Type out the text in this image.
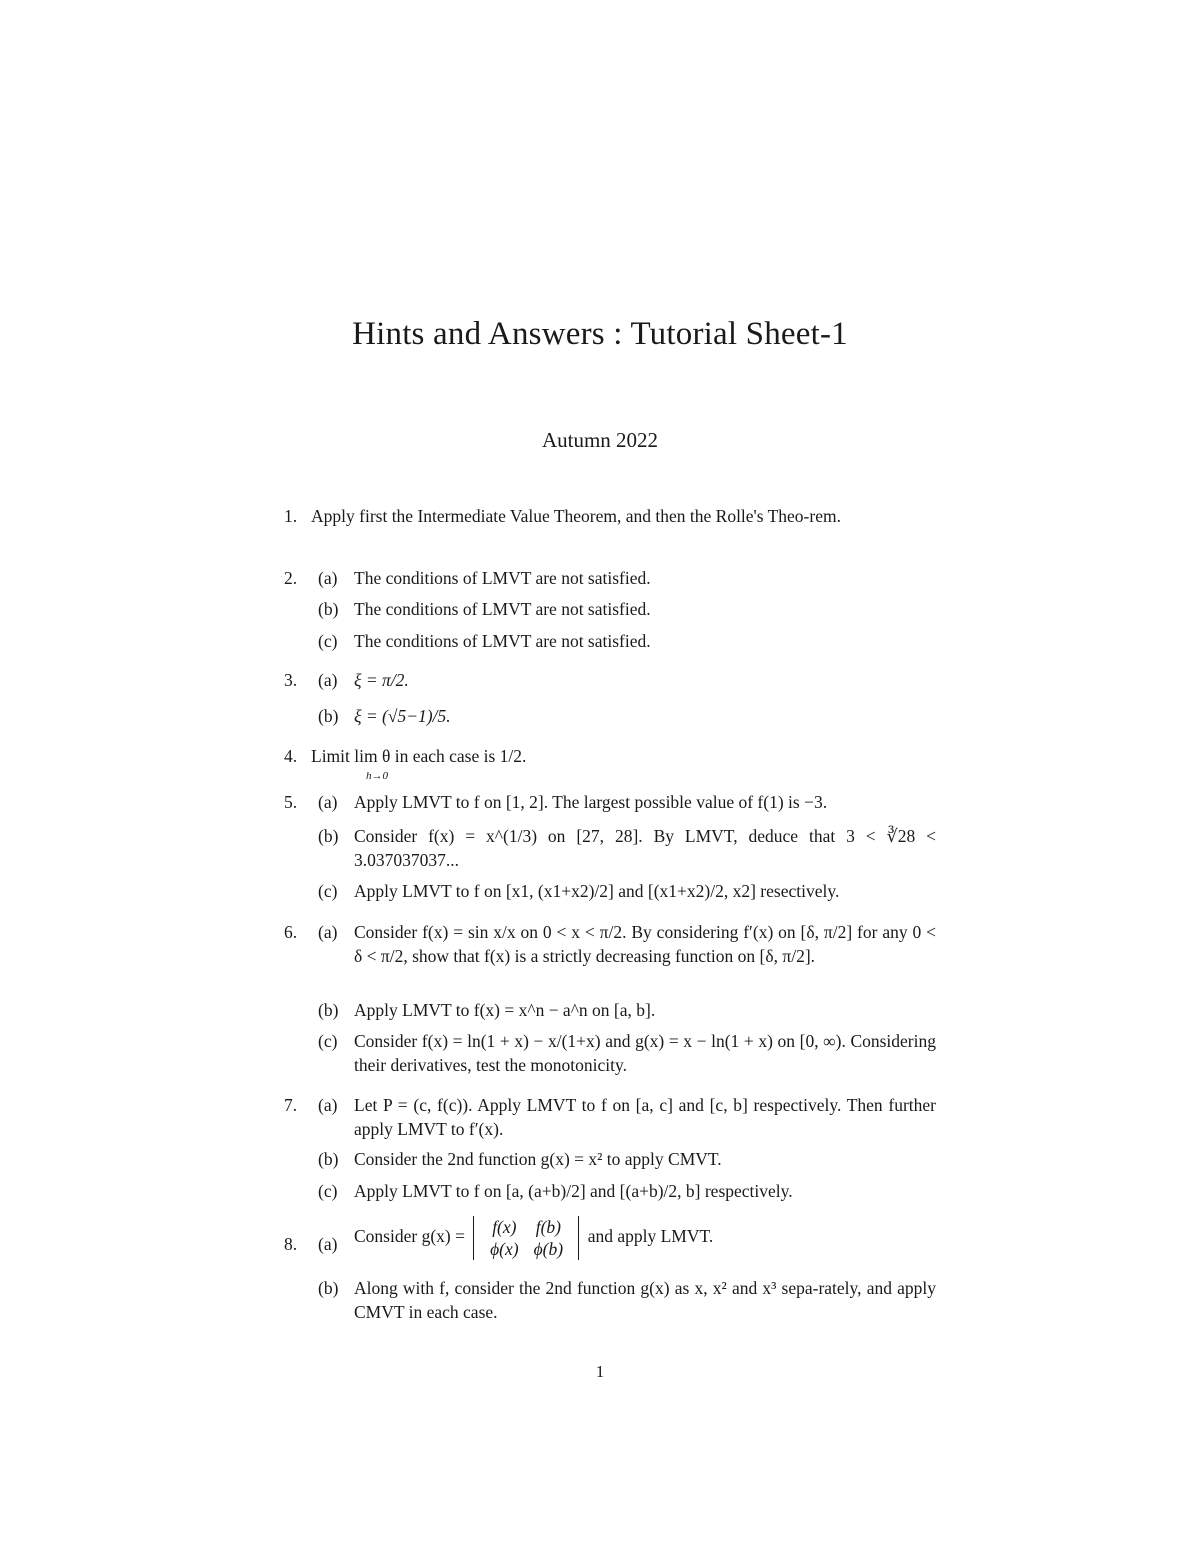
Hints and Answers : Tutorial Sheet-1
Autumn 2022
1. Apply first the Intermediate Value Theorem, and then the Rolle's Theo-rem.
2. (a) The conditions of LMVT are not satisfied.
(b) The conditions of LMVT are not satisfied.
(c) The conditions of LMVT are not satisfied.
3. (a) ξ = π/2.
(b) ξ = (√5−1)/5.
4. Limit lim θ in each case is 1/2.
h→0
5. (a) Apply LMVT to f on [1, 2]. The largest possible value of f(1) is −3.
(b) Consider f(x) = x^(1/3) on [27, 28]. By LMVT, deduce that 3 < ∛28 < 3.037037037...
(c) Apply LMVT to f on [x1, (x1+x2)/2] and [(x1+x2)/2, x2] resectively.
6. (a) Consider f(x) = sin x/x on 0 < x < π/2. By considering f′(x) on [δ, π/2] for any 0 < δ < π/2, show that f(x) is a strictly decreasing function on [δ, π/2].
(b) Apply LMVT to f(x) = x^n − a^n on [a, b].
(c) Consider f(x) = ln(1 + x) − x/(1+x) and g(x) = x − ln(1 + x) on [0, ∞). Considering their derivatives, test the monotonicity.
7. (a) Let P = (c, f(c)). Apply LMVT to f on [a, c] and [c, b] respectively. Then further apply LMVT to f′(x).
(b) Consider the 2nd function g(x) = x² to apply CMVT.
(c) Apply LMVT to f on [a, (a+b)/2] and [(a+b)/2, b] respectively.
8. (a) Consider g(x) = f(x) f(b)
ϕ(x) ϕ(b) and apply LMVT.
(b) Along with f, consider the 2nd function g(x) as x, x² and x³ sepa-rately, and apply CMVT in each case.
1
